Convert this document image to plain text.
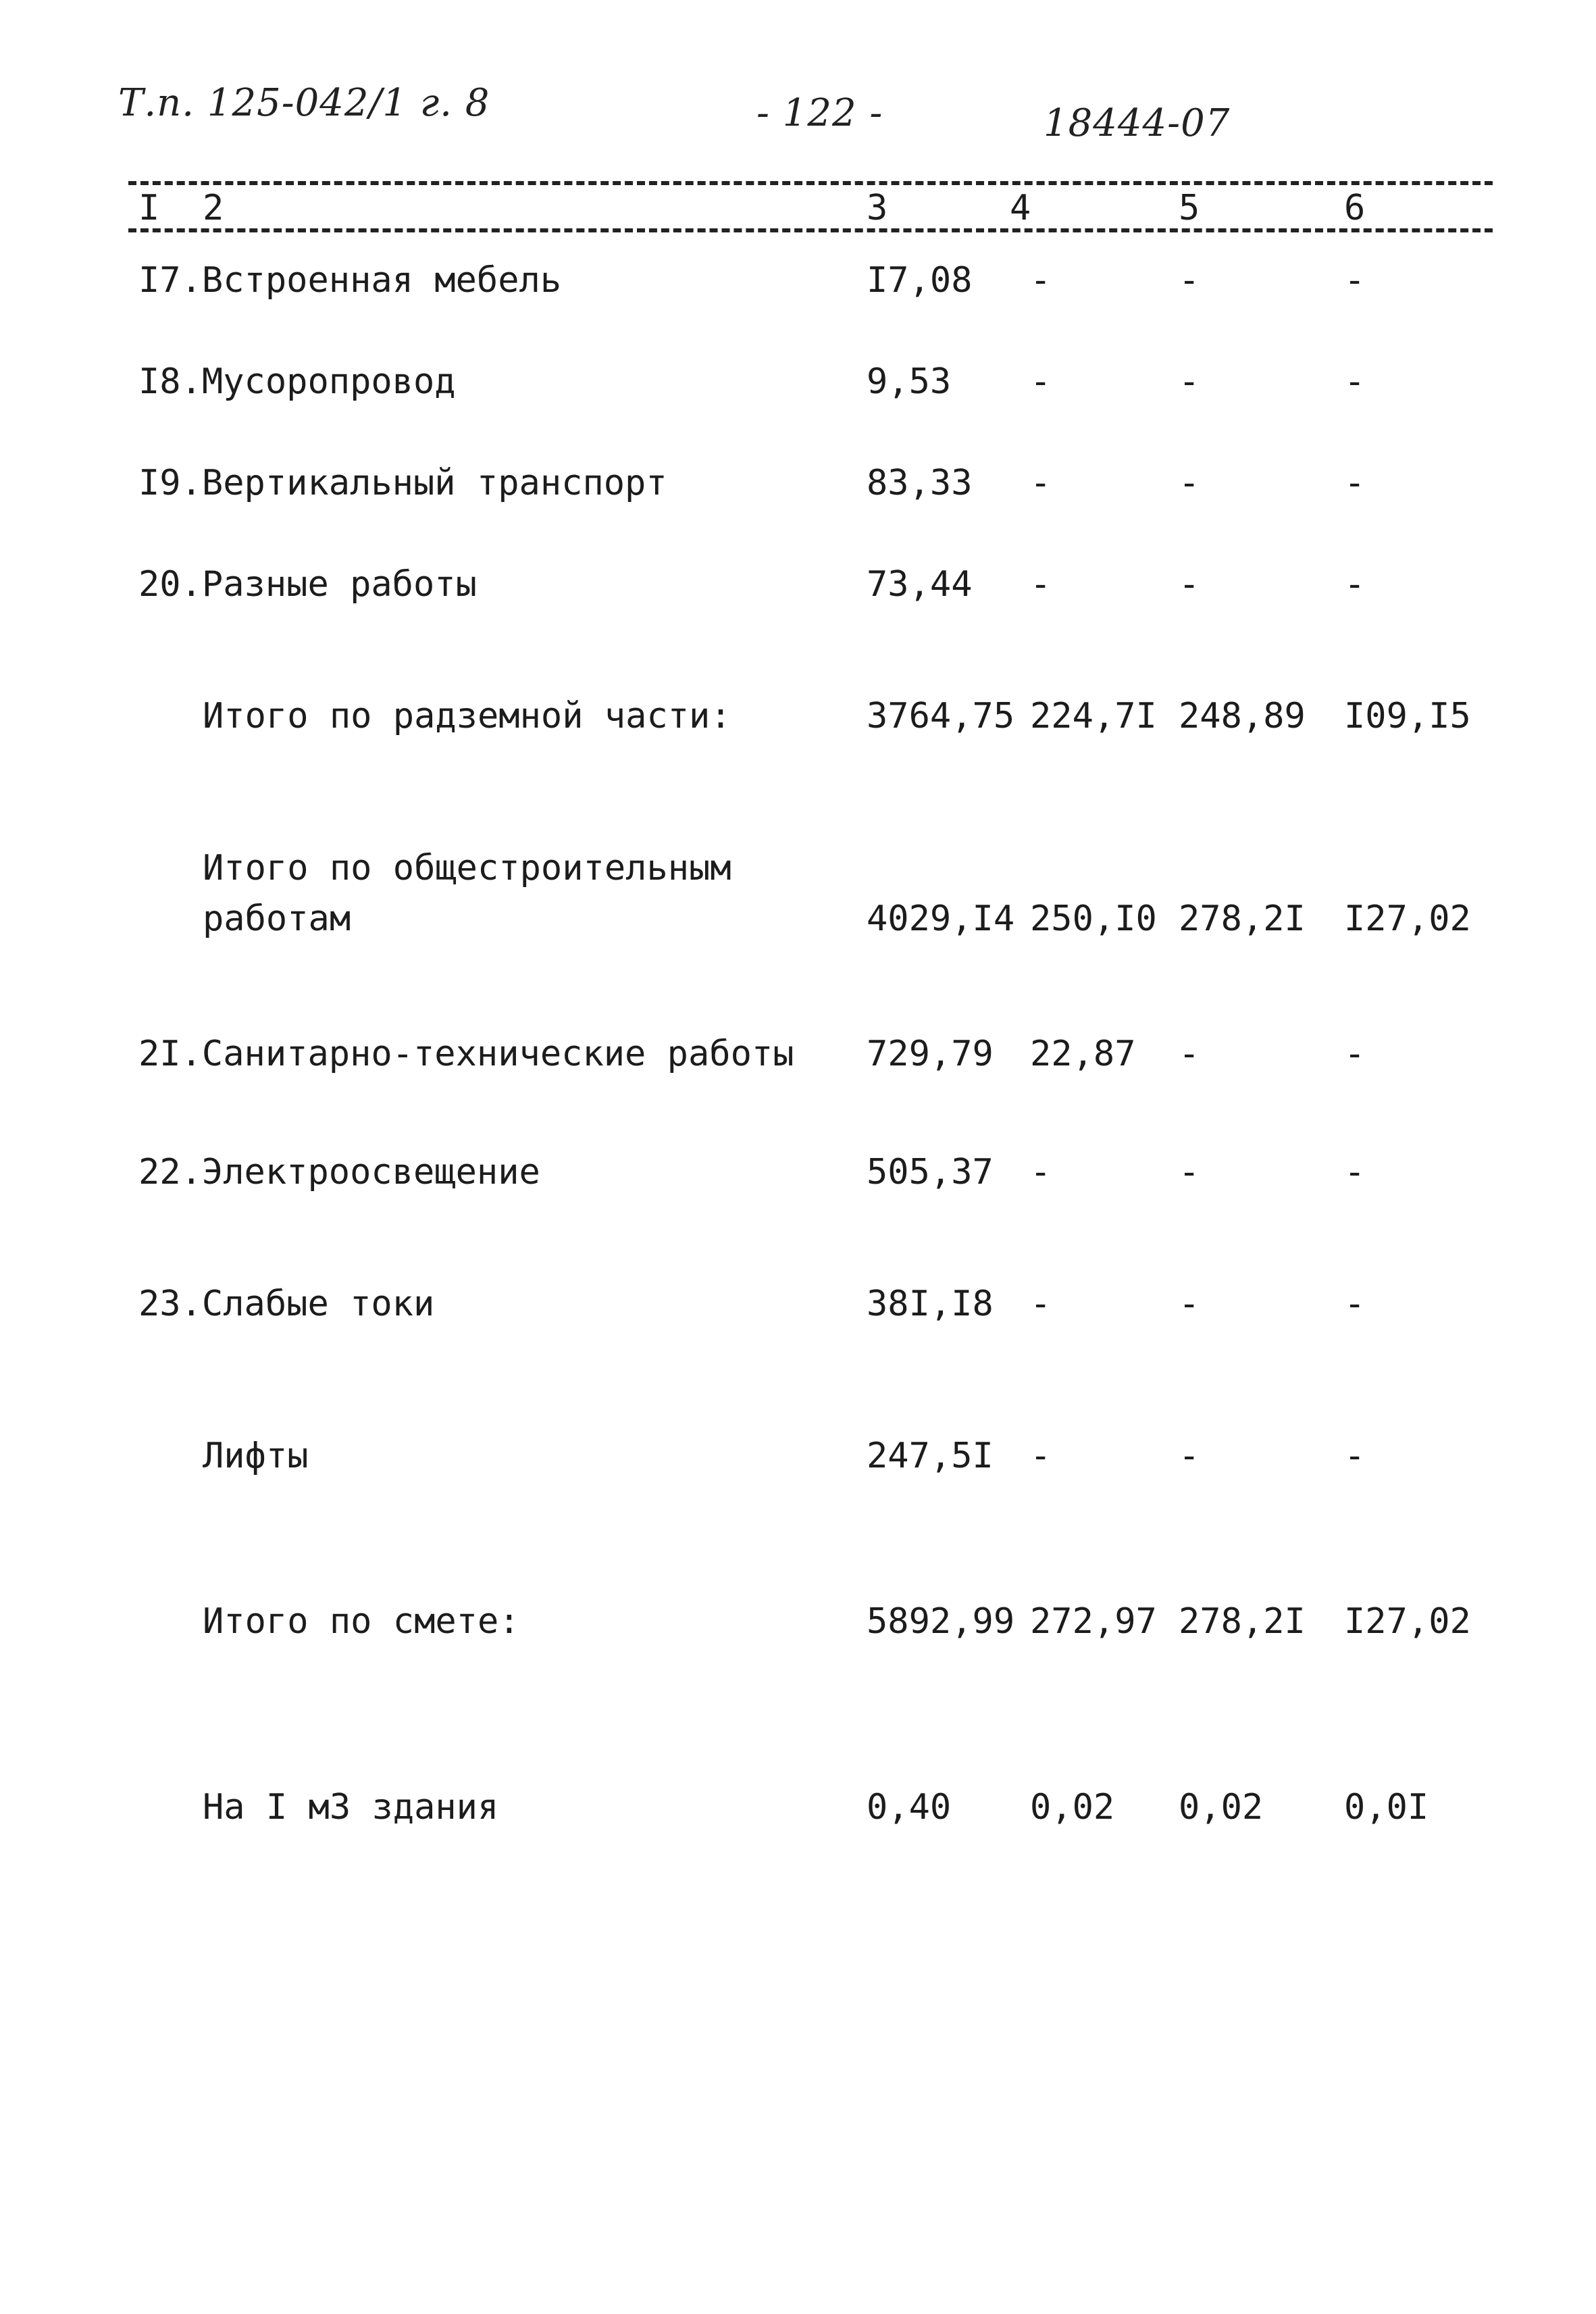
Т.п. 125-042/1 г. 8	- 122 -	18444-07
I 2	3	4	5	6
I7.Встроенная мебель	I7,08 -	-	-
I8.Мусоропровод	9,53 -	-	-
I9.Вертикальный транспорт	83,33 -	-	-
20.Разные работы	73,44 -	-	-
Итого по радземной части:	3764,75 224,7I 248,89 I09,I5
Итого по общестроительным
работам	4029,I4 250,I0 278,2I I27,02
2I.Санитарно-технические работы 729,79 22,87 -	-
22.Электроосвещение	505,37 -	-	-
23.Слабые токи	38I,I8 -	-	-
Лифты	247,5I -	-	-
Итого по смете:	5892,99 272,97 278,2I I27,02
На I м3 здания	0,40 0,02 0,02 0,0I
